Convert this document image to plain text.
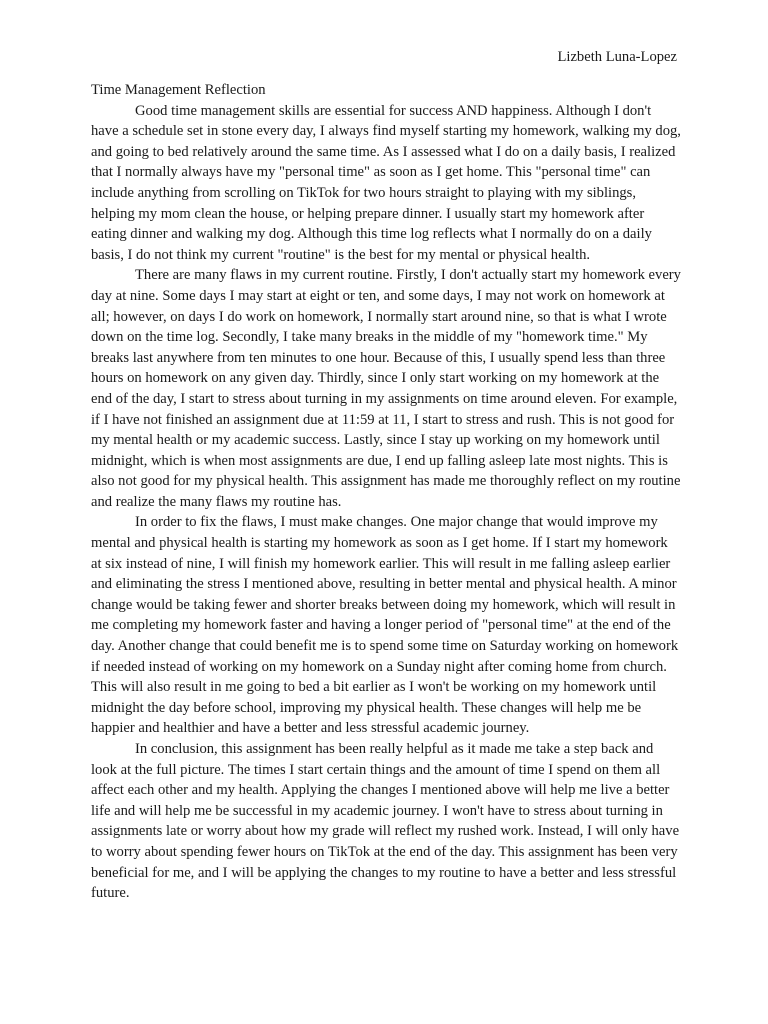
Lizbeth Luna-Lopez
Time Management Reflection

Good time management skills are essential for success AND happiness. Although I don't have a schedule set in stone every day, I always find myself starting my homework, walking my dog, and going to bed relatively around the same time. As I assessed what I do on a daily basis, I realized that I normally always have my "personal time" as soon as I get home. This "personal time" can include anything from scrolling on TikTok for two hours straight to playing with my siblings, helping my mom clean the house, or helping prepare dinner. I usually start my homework after eating dinner and walking my dog. Although this time log reflects what I normally do on a daily basis, I do not think my current "routine" is the best for my mental or physical health.

There are many flaws in my current routine. Firstly, I don't actually start my homework every day at nine. Some days I may start at eight or ten, and some days, I may not work on homework at all; however, on days I do work on homework, I normally start around nine, so that is what I wrote down on the time log. Secondly, I take many breaks in the middle of my "homework time." My breaks last anywhere from ten minutes to one hour. Because of this, I usually spend less than three hours on homework on any given day. Thirdly, since I only start working on my homework at the end of the day, I start to stress about turning in my assignments on time around eleven. For example, if I have not finished an assignment due at 11:59 at 11, I start to stress and rush. This is not good for my mental health or my academic success. Lastly, since I stay up working on my homework until midnight, which is when most assignments are due, I end up falling asleep late most nights. This is also not good for my physical health. This assignment has made me thoroughly reflect on my routine and realize the many flaws my routine has.

In order to fix the flaws, I must make changes. One major change that would improve my mental and physical health is starting my homework as soon as I get home. If I start my homework at six instead of nine, I will finish my homework earlier. This will result in me falling asleep earlier and eliminating the stress I mentioned above, resulting in better mental and physical health. A minor change would be taking fewer and shorter breaks between doing my homework, which will result in me completing my homework faster and having a longer period of "personal time" at the end of the day. Another change that could benefit me is to spend some time on Saturday working on homework if needed instead of working on my homework on a Sunday night after coming home from church. This will also result in me going to bed a bit earlier as I won't be working on my homework until midnight the day before school, improving my physical health. These changes will help me be happier and healthier and have a better and less stressful academic journey.

In conclusion, this assignment has been really helpful as it made me take a step back and look at the full picture. The times I start certain things and the amount of time I spend on them all affect each other and my health. Applying the changes I mentioned above will help me live a better life and will help me be successful in my academic journey. I won't have to stress about turning in assignments late or worry about how my grade will reflect my rushed work. Instead, I will only have to worry about spending fewer hours on TikTok at the end of the day. This assignment has been very beneficial for me, and I will be applying the changes to my routine to have a better and less stressful future.
